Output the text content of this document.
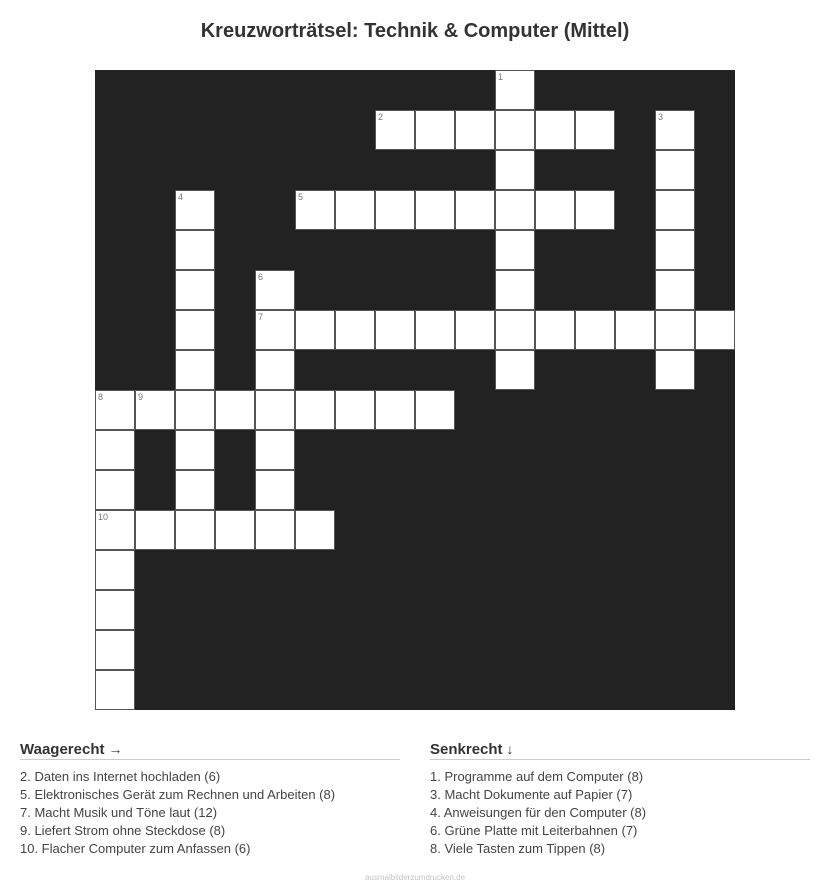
Kreuzworträtsel: Technik & Computer (Mittel)
1
2	3
4	5
6
7
8	9
10
Waagerecht →
2. Daten ins Internet hochladen (6)
5. Elektronisches Gerät zum Rechnen und Arbeiten (8)
7. Macht Musik und Töne laut (12)
9. Liefert Strom ohne Steckdose (8)
10. Flacher Computer zum Anfassen (6)
Senkrecht ↓
1. Programme auf dem Computer (8)
3. Macht Dokumente auf Papier (7)
4. Anweisungen für den Computer (8)
6. Grüne Platte mit Leiterbahnen (7)
8. Viele Tasten zum Tippen (8)
ausmalbilderzumdrucken.de
